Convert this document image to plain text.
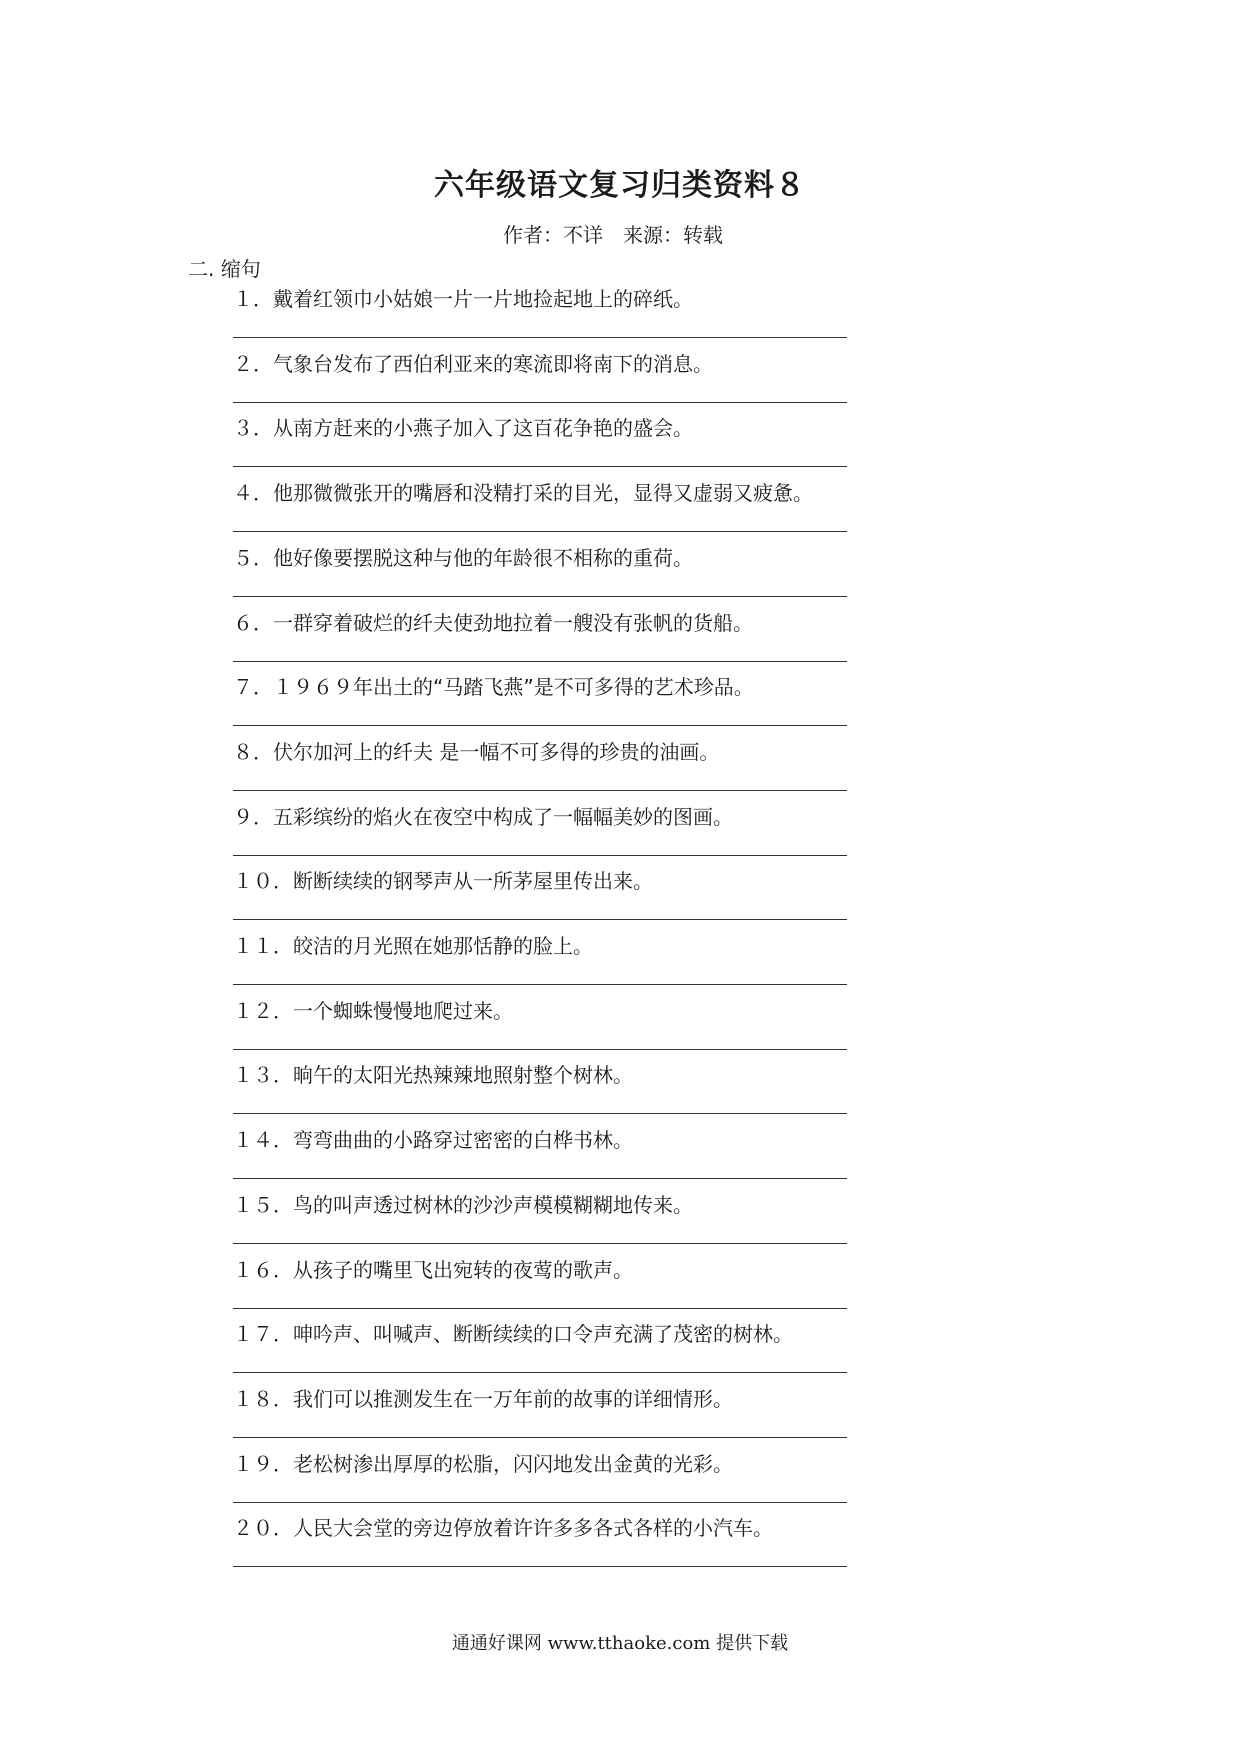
六年级语文复习归类资料８
作者：不详　来源：转载
二. 缩句
１．戴着红领巾小姑娘一片一片地捡起地上的碎纸。
２．气象台发布了西伯利亚来的寒流即将南下的消息。
３．从南方赶来的小燕子加入了这百花争艳的盛会。
４．他那微微张开的嘴唇和没精打采的目光，显得又虚弱又疲惫。
５．他好像要摆脱这种与他的年龄很不相称的重荷。
６．一群穿着破烂的纤夫使劲地拉着一艘没有张帆的货船。
７．１９６９年出土的“马踏飞燕”是不可多得的艺术珍品。
８．伏尔加河上的纤夫 是一幅不可多得的珍贵的油画。
９．五彩缤纷的焰火在夜空中构成了一幅幅美妙的图画。
１０．断断续续的钢琴声从一所茅屋里传出来。
１１．皎洁的月光照在她那恬静的脸上。
１２．一个蜘蛛慢慢地爬过来。
１３．晌午的太阳光热辣辣地照射整个树林。
１４．弯弯曲曲的小路穿过密密的白桦书林。
１５．鸟的叫声透过树林的沙沙声模模糊糊地传来。
１６．从孩子的嘴里飞出宛转的夜莺的歌声。
１７．呻吟声、叫喊声、断断续续的口令声充满了茂密的树林。
１８．我们可以推测发生在一万年前的故事的详细情形。
１９．老松树渗出厚厚的松脂，闪闪地发出金黄的光彩。
２０．人民大会堂的旁边停放着许许多多各式各样的小汽车。
通通好课网 www.tthaoke.com 提供下载
